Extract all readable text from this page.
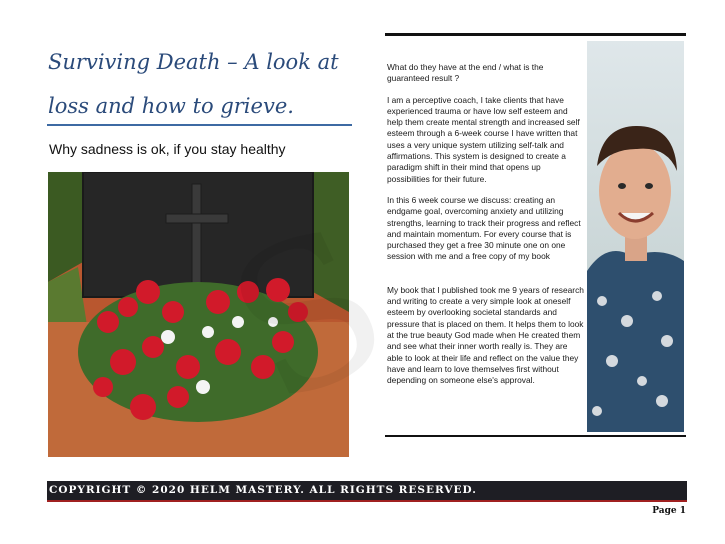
Surviving Death – A look at loss and how to grieve.
Why sadness is ok, if you stay healthy

What do they have at the end / what is the guaranteed result ?

I am a perceptive coach, I take clients that have experienced trauma or have low self esteem and help them create mental strength and increased self esteem through a 6-week course I have written that uses a very unique system utilizing self-talk and affirmations. This system is designed to create a paradigm shift in their mind that opens up possibilities for their future.

In this 6 week course we discuss: creating an endgame goal, overcoming anxiety and utilizing strengths, learning to track their progress and reflect and maintain momentum. For every course that is purchased they get a free 30 minute one on one session with me and a free copy of my book

My book that I published took me 9 years of research and writing to create a very simple look at oneself esteem by overlooking societal standards and pressure that is placed on them. It helps them to look at the true beauty God made when He created them and see what their inner worth really is. They are able to look at their life and reflect on the value they have and learn to love themselves first without depending on someone else's approval.

COPYRIGHT © 2020 HELM MASTERY. ALL RIGHTS RESERVED.
Page 1
